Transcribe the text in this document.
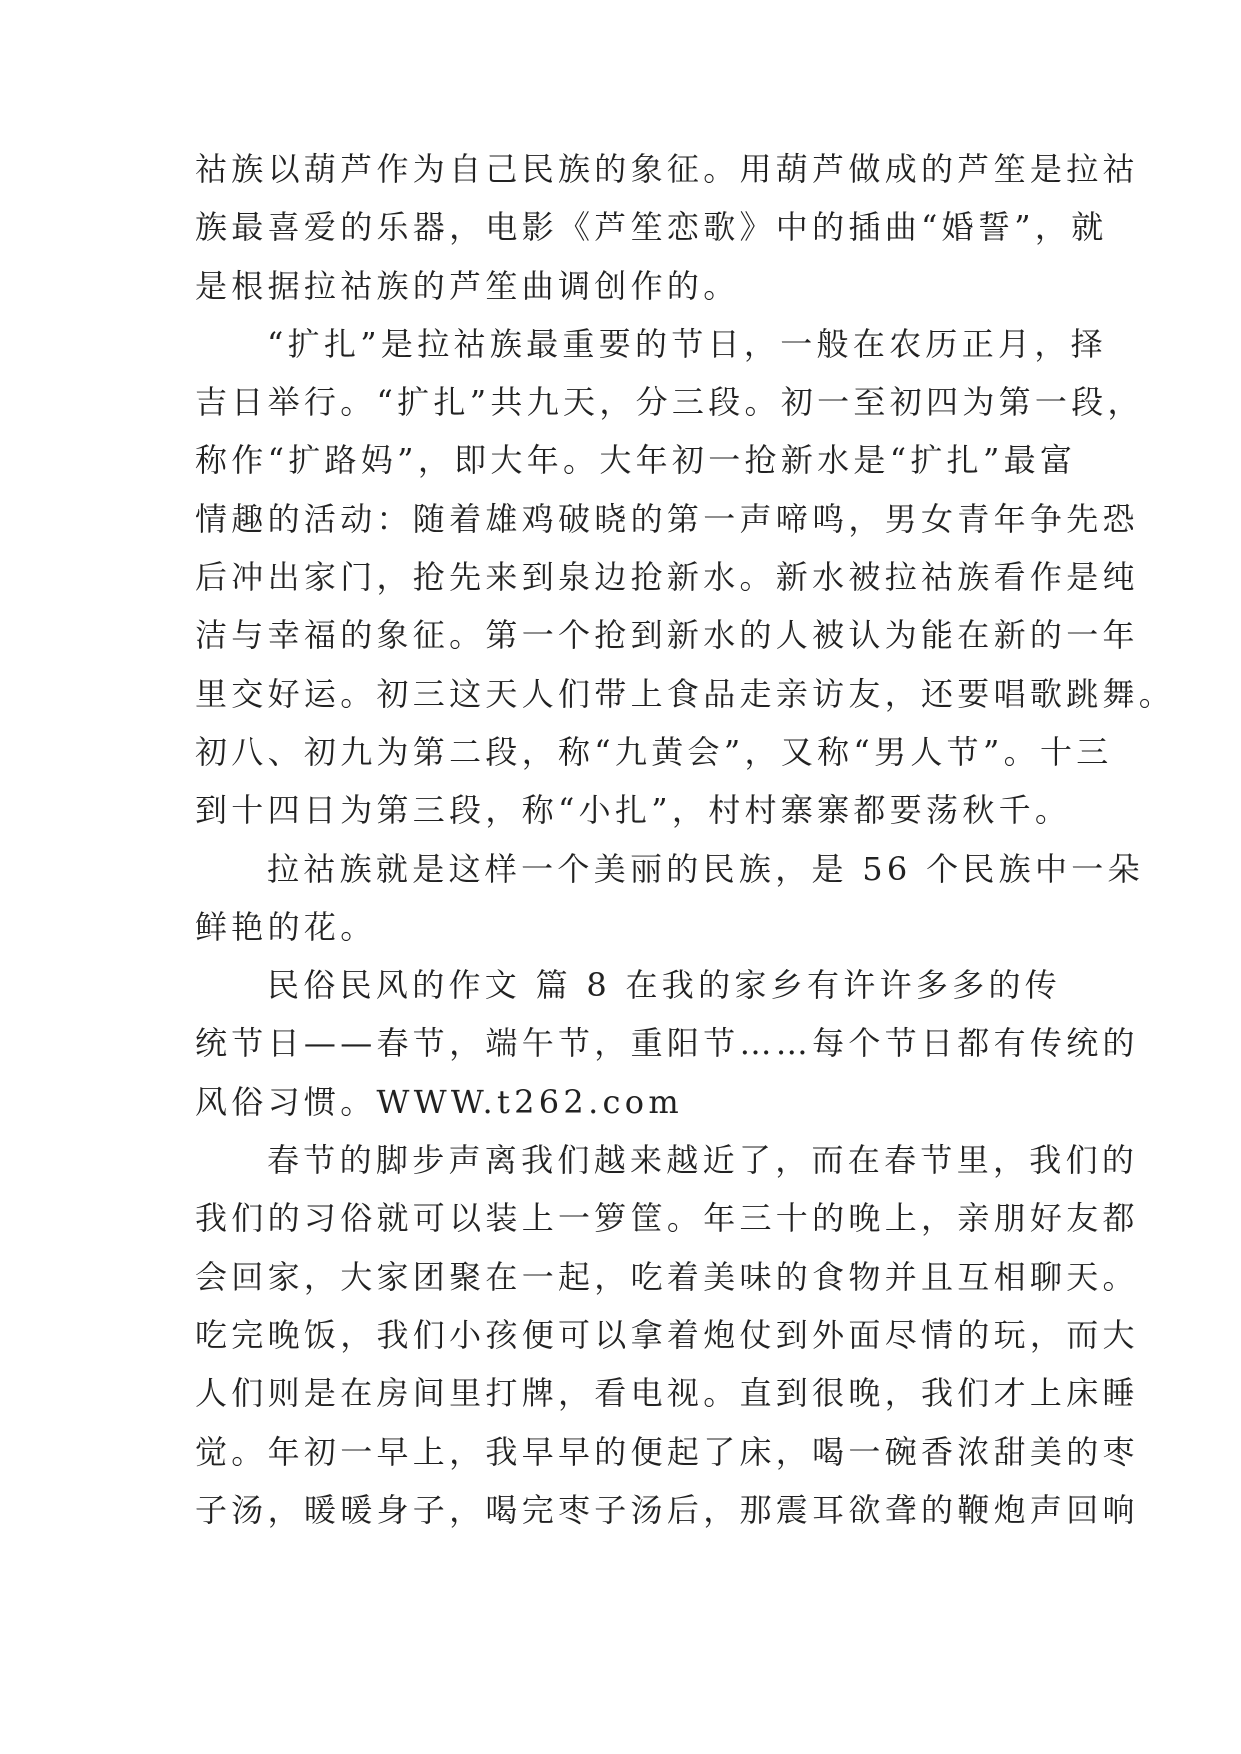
祜族以葫芦作为自己民族的象征。用葫芦做成的芦笙是拉祜
族最喜爱的乐器，电影《芦笙恋歌》中的插曲“婚誓”，就
是根据拉祜族的芦笙曲调创作的。
“扩扎”是拉祜族最重要的节日，一般在农历正月，择
吉日举行。“扩扎”共九天，分三段。初一至初四为第一段，
称作“扩路妈”，即大年。大年初一抢新水是“扩扎”最富
情趣的活动：随着雄鸡破晓的第一声啼鸣，男女青年争先恐
后冲出家门，抢先来到泉边抢新水。新水被拉祜族看作是纯
洁与幸福的象征。第一个抢到新水的人被认为能在新的一年
里交好运。初三这天人们带上食品走亲访友，还要唱歌跳舞。
初八、初九为第二段，称“九黄会”，又称“男人节”。十三
到十四日为第三段，称“小扎”，村村寨寨都要荡秋千。
拉祜族就是这样一个美丽的民族，是 56 个民族中一朵
鲜艳的花。
民俗民风的作文 篇 8 在我的家乡有许许多多的传
统节日——春节，端午节，重阳节……每个节日都有传统的
风俗习惯。WWW.t262.com
春节的脚步声离我们越来越近了，而在春节里，我们的
我们的习俗就可以装上一箩筐。年三十的晚上，亲朋好友都
会回家，大家团聚在一起，吃着美味的食物并且互相聊天。
吃完晚饭，我们小孩便可以拿着炮仗到外面尽情的玩，而大
人们则是在房间里打牌，看电视。直到很晚，我们才上床睡
觉。年初一早上，我早早的便起了床，喝一碗香浓甜美的枣
子汤，暖暖身子，喝完枣子汤后，那震耳欲聋的鞭炮声回响
